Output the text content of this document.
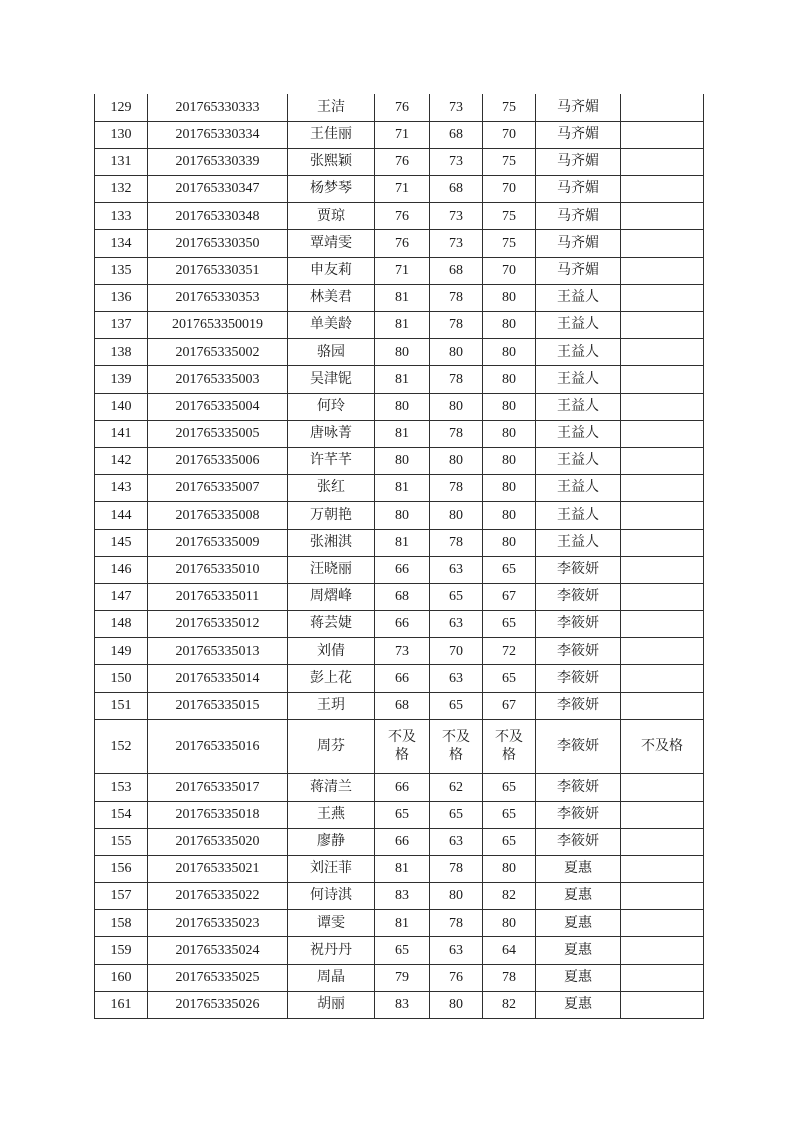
129	201765330333	王洁	76	73	75	马齐媚	
130	201765330334	王佳丽	71	68	70	马齐媚	
131	201765330339	张熙颖	76	73	75	马齐媚	
132	201765330347	杨梦琴	71	68	70	马齐媚	
133	201765330348	贾琼	76	73	75	马齐媚	
134	201765330350	覃靖雯	76	73	75	马齐媚	
135	201765330351	申友莉	71	68	70	马齐媚	
136	201765330353	林美君	81	78	80	王益人	
137	2017653350019	单美龄	81	78	80	王益人	
138	201765335002	骆园	80	80	80	王益人	
139	201765335003	吴津铌	81	78	80	王益人	
140	201765335004	何玲	80	80	80	王益人	
141	201765335005	唐咏菁	81	78	80	王益人	
142	201765335006	许芊芊	80	80	80	王益人	
143	201765335007	张红	81	78	80	王益人	
144	201765335008	万朝艳	80	80	80	王益人	
145	201765335009	张湘淇	81	78	80	王益人	
146	201765335010	汪晓丽	66	63	65	李筱妍	
147	201765335011	周熠峰	68	65	67	李筱妍	
148	201765335012	蒋芸婕	66	63	65	李筱妍	
149	201765335013	刘倩	73	70	72	李筱妍	
150	201765335014	彭上花	66	63	65	李筱妍	
151	201765335015	王玥	68	65	67	李筱妍	
152	201765335016	周芬	不及格	不及格	不及格	李筱妍	不及格
153	201765335017	蒋清兰	66	62	65	李筱妍	
154	201765335018	王燕	65	65	65	李筱妍	
155	201765335020	廖静	66	63	65	李筱妍	
156	201765335021	刘汪菲	81	78	80	夏惠	
157	201765335022	何诗淇	83	80	82	夏惠	
158	201765335023	谭雯	81	78	80	夏惠	
159	201765335024	祝丹丹	65	63	64	夏惠	
160	201765335025	周晶	79	76	78	夏惠	
161	201765335026	胡丽	83	80	82	夏惠	
